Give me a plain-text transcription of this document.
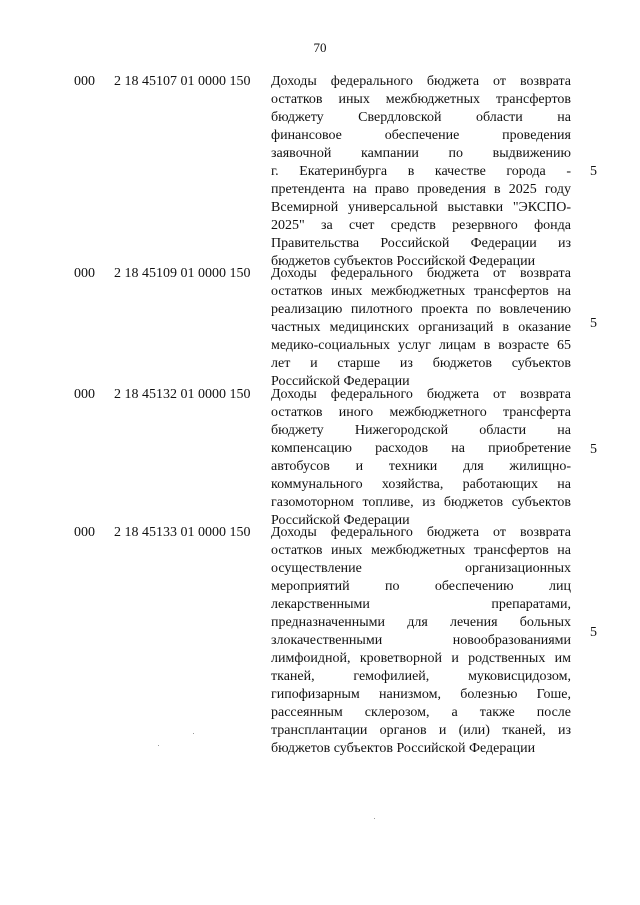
70
000 2 18 45107 01 0000 150 Доходы федерального бюджета от возврата
остатков иных межбюджетных трансфертов
бюджету Свердловской области на
финансовое обеспечение проведения
заявочной кампании по выдвижению
г. Екатеринбурга в качестве города -
претендента на право проведения в 2025 году
Всемирной универсальной выставки "ЭКСПО-
2025" за счет средств резервного фонда
Правительства Российской Федерации из
бюджетов субъектов Российской Федерации
5
000 2 18 45109 01 0000 150 Доходы федерального бюджета от возврата
остатков иных межбюджетных трансфертов на
реализацию пилотного проекта по вовлечению
частных медицинских организаций в оказание
медико-социальных услуг лицам в возрасте 65
лет и старше из бюджетов субъектов
Российской Федерации
5
000 2 18 45132 01 0000 150 Доходы федерального бюджета от возврата
остатков иного межбюджетного трансферта
бюджету Нижегородской области на
компенсацию расходов на приобретение
автобусов и техники для жилищно-
коммунального хозяйства, работающих на
газомоторном топливе, из бюджетов субъектов
Российской Федерации
5
000 2 18 45133 01 0000 150 Доходы федерального бюджета от возврата
остатков иных межбюджетных трансфертов на
осуществление организационных
мероприятий по обеспечению лиц
лекарственными препаратами,
предназначенными для лечения больных
злокачественными новообразованиями
лимфоидной, кроветворной и родственных им
тканей, гемофилией, муковисцидозом,
гипофизарным нанизмом, болезнью Гоше,
рассеянным склерозом, а также после
трансплантации органов и (или) тканей, из
бюджетов субъектов Российской Федерации
5
